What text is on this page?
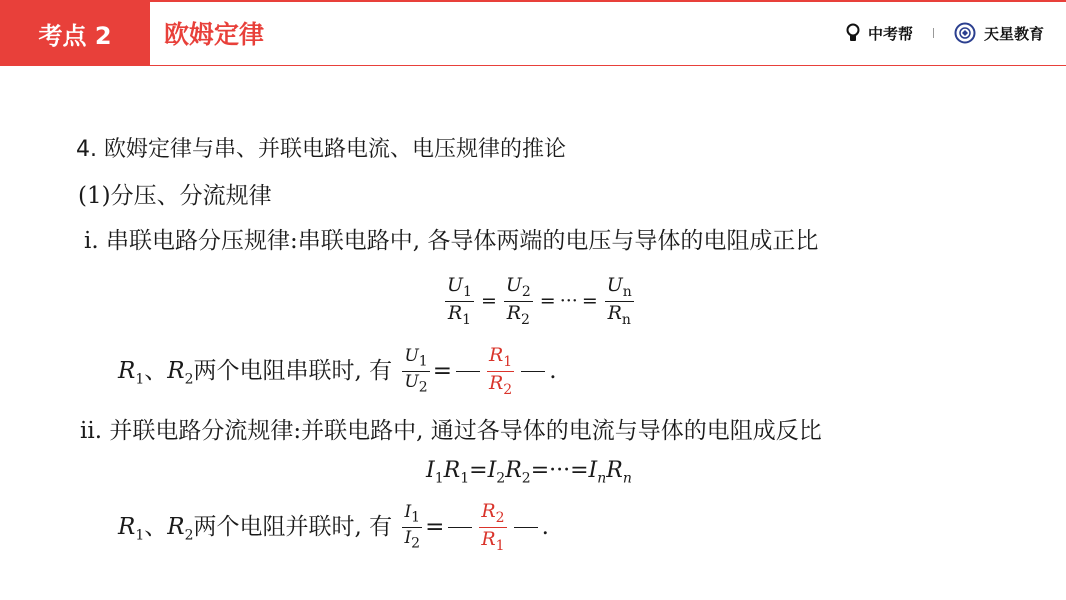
考点 2	欧姆定律	中考帮	天星教育
4. 欧姆定律与串、并联电路电流、电压规律的推论
(1)分压、分流规律
ⅰ. 串联电路分压规律:串联电路中, 各导体两端的电压与导体的电阻成正比
$\frac{U_1}{R_1} = \frac{U_2}{R_2}$ = ··· = $\frac{U_n}{R_n}$
$R_1$、$R_2$两个电阻串联时, 有 $\frac{U_1}{U_2} = \frac{R_1}{R_2}$ .
ⅱ. 并联电路分流规律:并联电路中, 通过各导体的电流与导体的电阻成反比
$I_1R_1=I_2R_2=\cdot\cdot\cdot=I_nR_n$
$R_1$、$R_2$两个电阻并联时, 有 $\frac{I_1}{I_2} = \frac{R_2}{R_1}$ .
